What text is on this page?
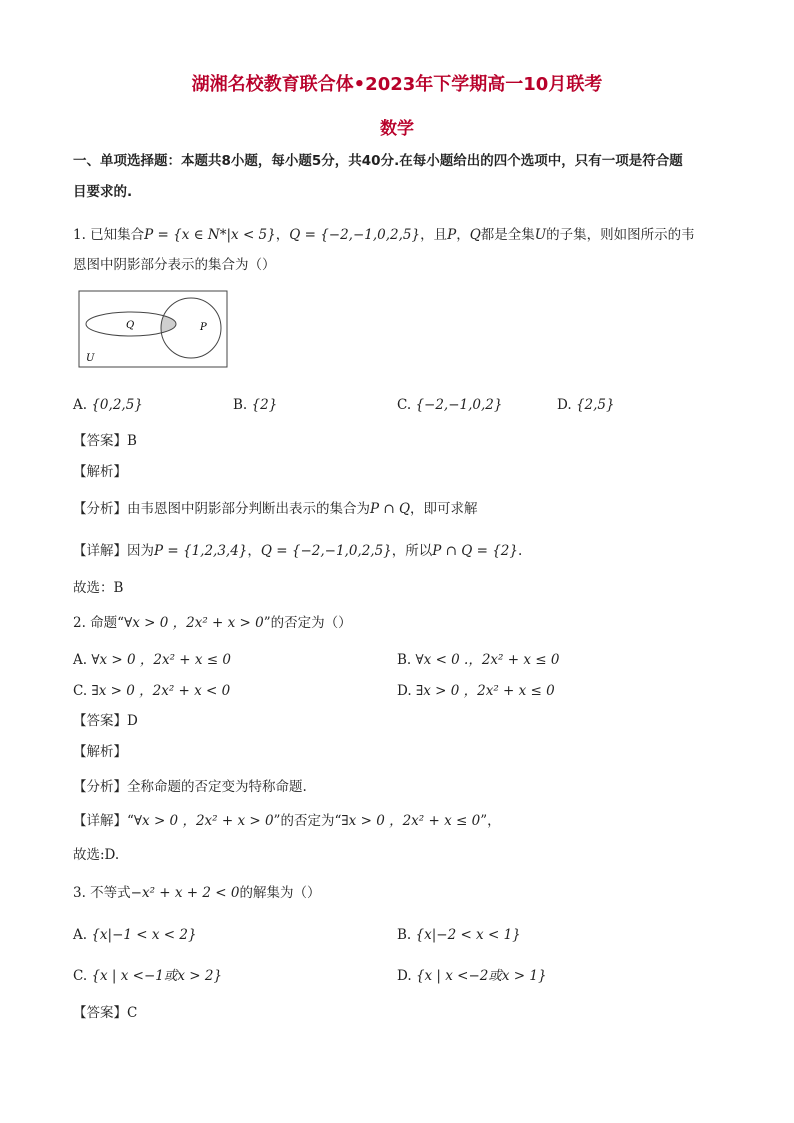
湖湘名校教育联合体•2023年下学期高一10月联考
数学
一、单项选择题：本题共8小题，每小题5分，共40分.在每小题给出的四个选项中，只有一项是符合题
目要求的.
1. 已知集合P = {x ∈ N*|x < 5}，Q = {−2,−1,0,2,5}，且P，Q都是全集U的子集，则如图所示的韦
恩图中阴影部分表示的集合为（）
Q	P
U
A. {0,2,5}	B. {2}	C. {−2,−1,0,2}	D. {2,5}
【答案】B
【解析】
【分析】由韦恩图中阴影部分判断出表示的集合为P ∩ Q，即可求解
【详解】因为P = {1,2,3,4}，Q = {−2,−1,0,2,5}，所以P ∩ Q = {2}.
故选：B
2. 命题“∀x > 0 ，2x² + x > 0”的否定为（）
A. ∀x > 0 ，2x² + x ≤ 0	B. ∀x < 0 .，2x² + x ≤ 0
C. ∃x > 0 ，2x² + x < 0	D. ∃x > 0 ，2x² + x ≤ 0
【答案】D
【解析】
【分析】全称命题的否定变为特称命题.
【详解】“∀x > 0 ，2x² + x > 0”的否定为“∃x > 0 ，2x² + x ≤ 0”，
故选:D.
3. 不等式−x² + x + 2 < 0的解集为（）
A. {x|−1 < x < 2}	B. {x|−2 < x < 1}
C. {x | x <−1或x > 2}	D. {x | x <−2或x > 1}
【答案】C
